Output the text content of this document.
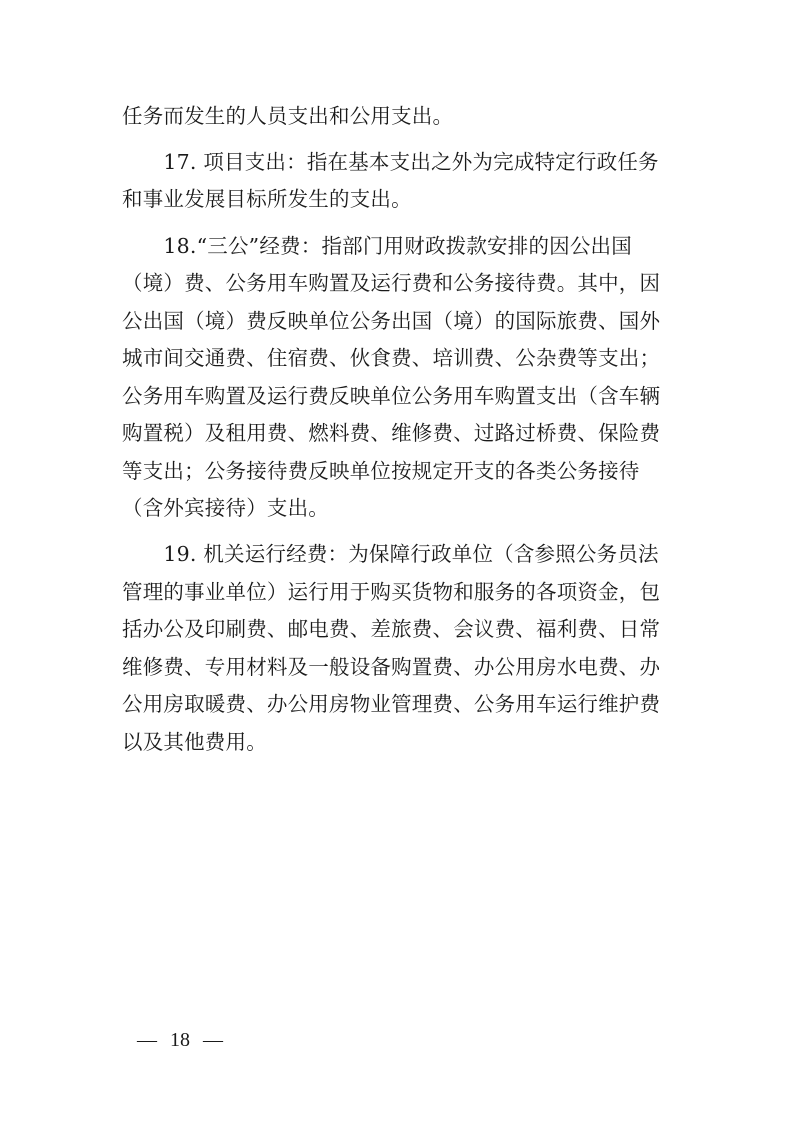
任务而发生的人员支出和公用支出。
　　17. 项目支出：指在基本支出之外为完成特定行政任务
和事业发展目标所发生的支出。
　　18.“三公”经费：指部门用财政拨款安排的因公出国
（境）费、公务用车购置及运行费和公务接待费。其中，因
公出国（境）费反映单位公务出国（境）的国际旅费、国外
城市间交通费、住宿费、伙食费、培训费、公杂费等支出；
公务用车购置及运行费反映单位公务用车购置支出（含车辆
购置税）及租用费、燃料费、维修费、过路过桥费、保险费
等支出；公务接待费反映单位按规定开支的各类公务接待
（含外宾接待）支出。
　　19. 机关运行经费：为保障行政单位（含参照公务员法
管理的事业单位）运行用于购买货物和服务的各项资金，包
括办公及印刷费、邮电费、差旅费、会议费、福利费、日常
维修费、专用材料及一般设备购置费、办公用房水电费、办
公用房取暖费、办公用房物业管理费、公务用车运行维护费
以及其他费用。
— 18 —
